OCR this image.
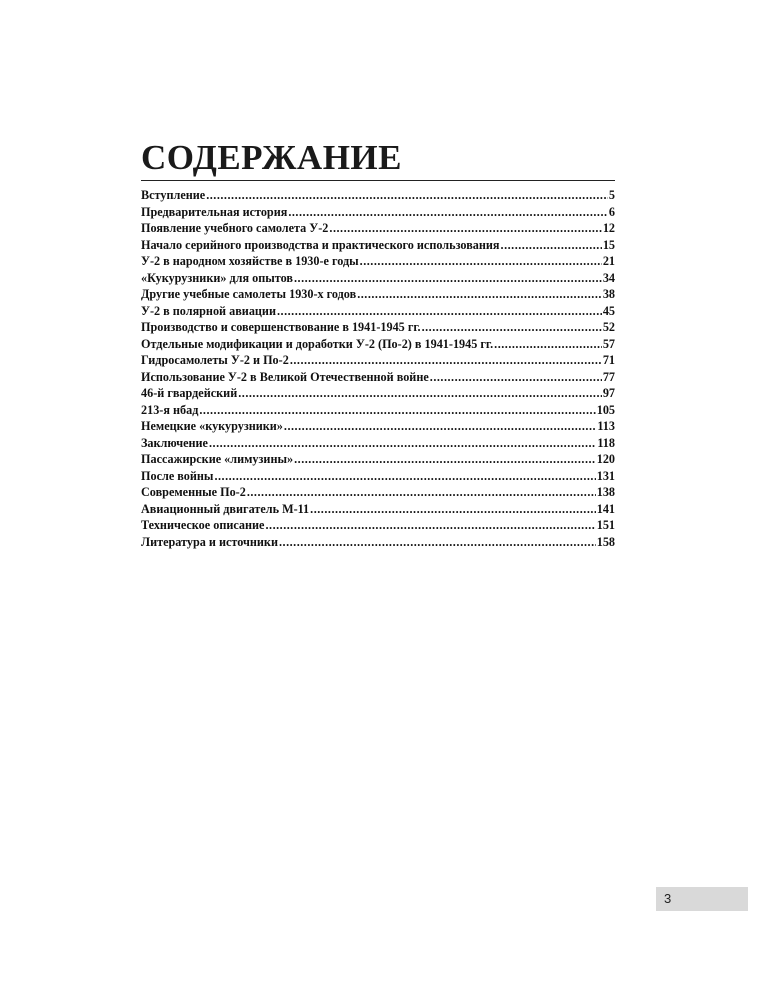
СОДЕРЖАНИЕ
Вступление .....	5
Предварительная история .....	6
Появление учебного самолета У-2 .....	12
Начало серийного производства и практического использования .....	15
У-2 в народном хозяйстве в 1930-е годы .....	21
«Кукурузники» для опытов .....	34
Другие учебные самолеты 1930-х годов .....	38
У-2 в полярной авиации .....	45
Производство и совершенствование в 1941-1945 гг. .....	52
Отдельные модификации и доработки У-2 (По-2) в 1941-1945 гг. .....	57
Гидросамолеты У-2 и По-2 .....	71
Использование У-2 в Великой Отечественной войне .....	77
46-й гвардейский .....	97
213-я нбад .....	105
Немецкие «кукурузники» .....	113
Заключение .....	118
Пассажирские «лимузины» .....	120
После войны .....	131
Современные По-2 .....	138
Авиационный двигатель М-11 .....	141
Техническое описание .....	151
Литература и источники .....	158
3
